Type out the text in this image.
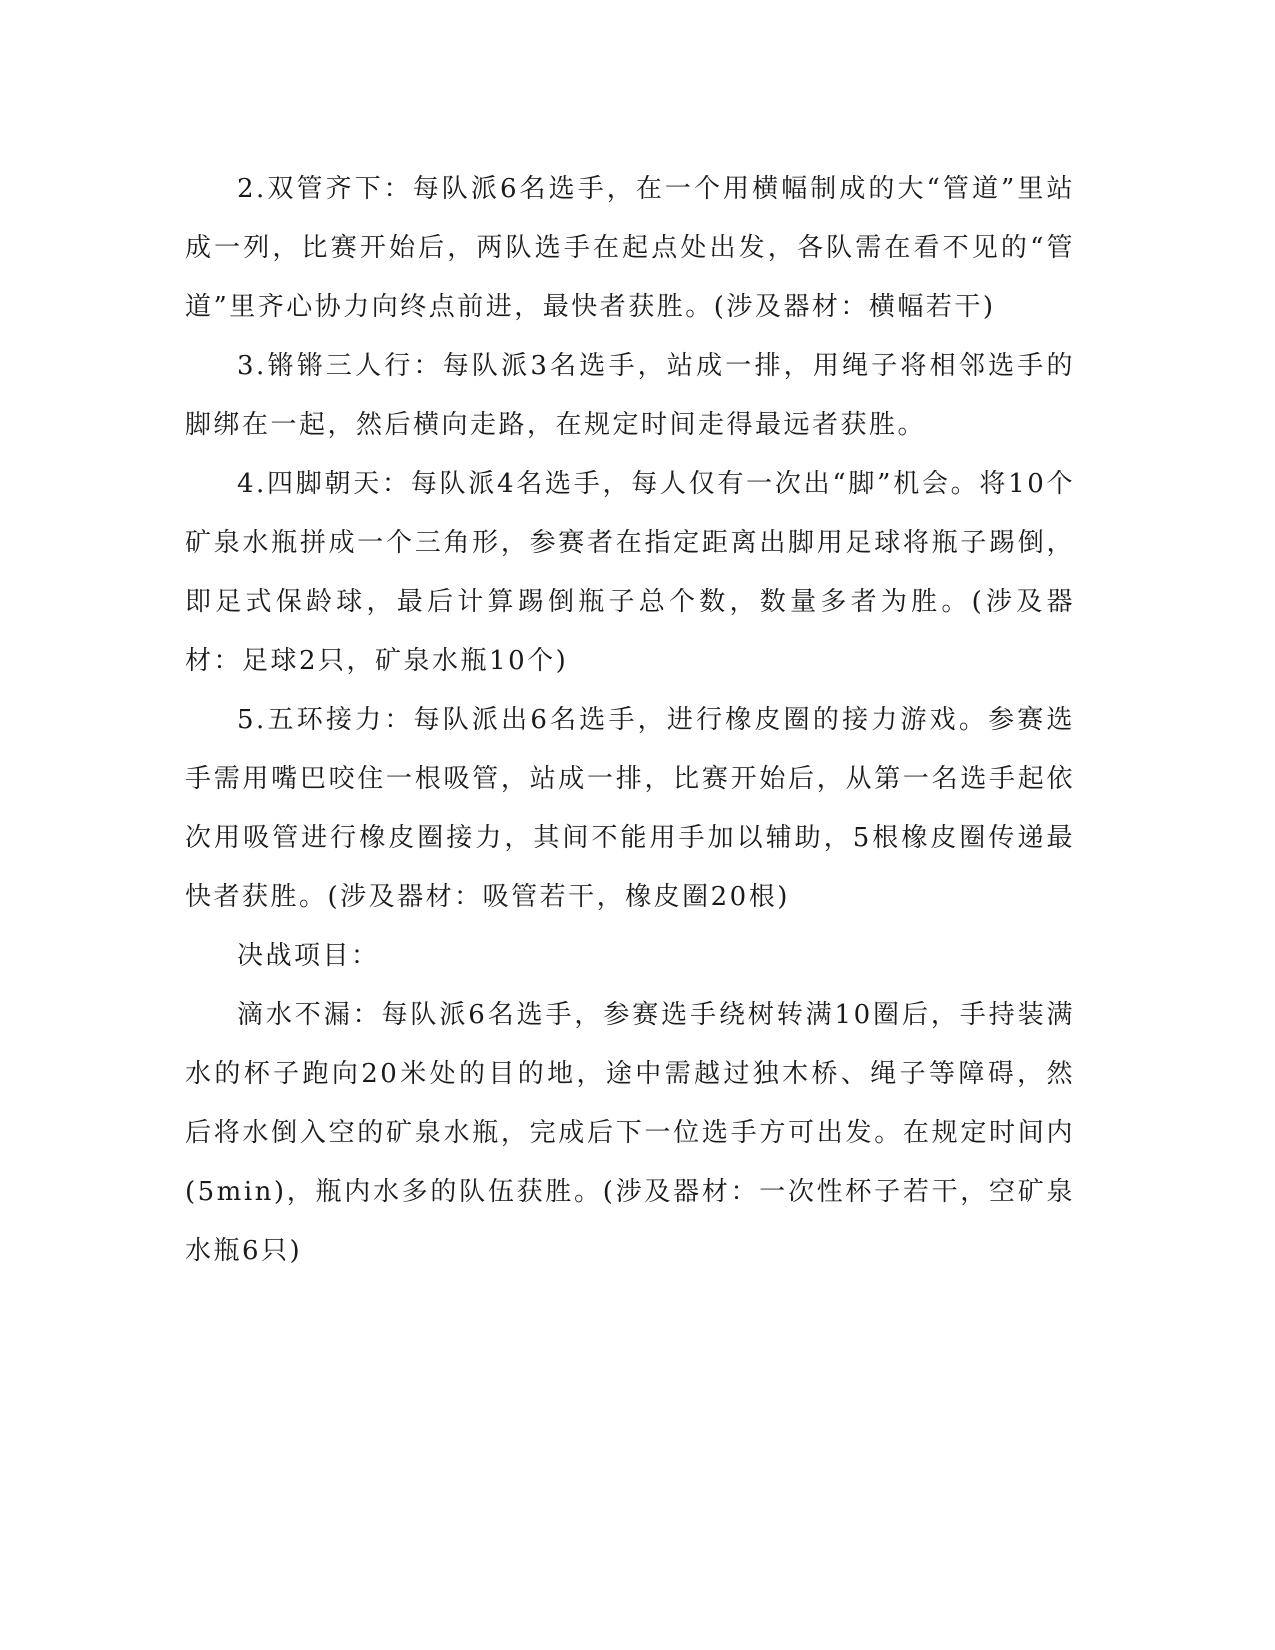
2.双管齐下：每队派6名选手，在一个用横幅制成的大“管道”里站成一列，比赛开始后，两队选手在起点处出发，各队需在看不见的“管道”里齐心协力向终点前进，最快者获胜。(涉及器材：横幅若干)

3.锵锵三人行：每队派3名选手，站成一排，用绳子将相邻选手的脚绑在一起，然后横向走路，在规定时间走得最远者获胜。

4.四脚朝天：每队派4名选手，每人仅有一次出“脚”机会。将10个矿泉水瓶拼成一个三角形，参赛者在指定距离出脚用足球将瓶子踢倒，即足式保龄球，最后计算踢倒瓶子总个数，数量多者为胜。(涉及器材：足球2只，矿泉水瓶10个)

5.五环接力：每队派出6名选手，进行橡皮圈的接力游戏。参赛选手需用嘴巴咬住一根吸管，站成一排，比赛开始后，从第一名选手起依次用吸管进行橡皮圈接力，其间不能用手加以辅助，5根橡皮圈传递最快者获胜。(涉及器材：吸管若干，橡皮圈20根)

决战项目：

滴水不漏：每队派6名选手，参赛选手绕树转满10圈后，手持装满水的杯子跑向20米处的目的地，途中需越过独木桥、绳子等障碍，然后将水倒入空的矿泉水瓶，完成后下一位选手方可出发。在规定时间内(5min)，瓶内水多的队伍获胜。(涉及器材：一次性杯子若干，空矿泉水瓶6只)
